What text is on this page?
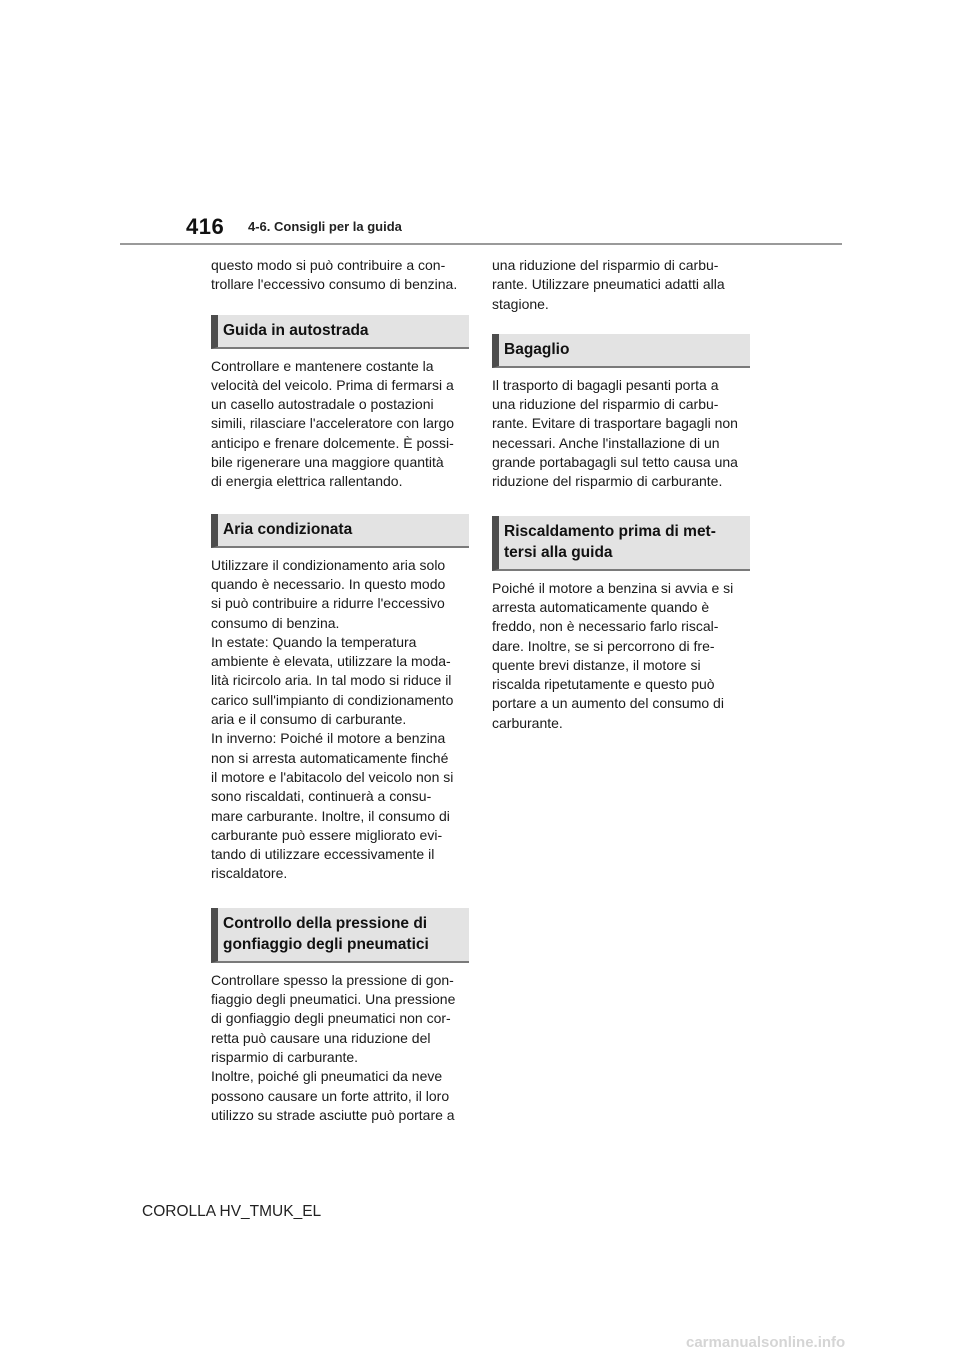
416 4-6. Consigli per la guida

questo modo si può contribuire a con-
trollare l'eccessivo consumo di benzina.

Guida in autostrada

Controllare e mantenere costante la
velocità del veicolo. Prima di fermarsi a
un casello autostradale o postazioni
simili, rilasciare l'acceleratore con largo
anticipo e frenare dolcemente. È possi-
bile rigenerare una maggiore quantità
di energia elettrica rallentando.

Aria condizionata

Utilizzare il condizionamento aria solo
quando è necessario. In questo modo
si può contribuire a ridurre l'eccessivo
consumo di benzina.
In estate: Quando la temperatura
ambiente è elevata, utilizzare la moda-
lità ricircolo aria. In tal modo si riduce il
carico sull'impianto di condizionamento
aria e il consumo di carburante.
In inverno: Poiché il motore a benzina
non si arresta automaticamente finché
il motore e l'abitacolo del veicolo non si
sono riscaldati, continuerà a consu-
mare carburante. Inoltre, il consumo di
carburante può essere migliorato evi-
tando di utilizzare eccessivamente il
riscaldatore.

Controllo della pressione di
gonfiaggio degli pneumatici

Controllare spesso la pressione di gon-
fiaggio degli pneumatici. Una pressione
di gonfiaggio degli pneumatici non cor-
retta può causare una riduzione del
risparmio di carburante.
Inoltre, poiché gli pneumatici da neve
possono causare un forte attrito, il loro
utilizzo su strade asciutte può portare a

una riduzione del risparmio di carbu-
rante. Utilizzare pneumatici adatti alla
stagione.

Bagaglio

Il trasporto di bagagli pesanti porta a
una riduzione del risparmio di carbu-
rante. Evitare di trasportare bagagli non
necessari. Anche l'installazione di un
grande portabagagli sul tetto causa una
riduzione del risparmio di carburante.

Riscaldamento prima di met-
tersi alla guida

Poiché il motore a benzina si avvia e si
arresta automaticamente quando è
freddo, non è necessario farlo riscal-
dare. Inoltre, se si percorrono di fre-
quente brevi distanze, il motore si
riscalda ripetutamente e questo può
portare a un aumento del consumo di
carburante.

COROLLA HV_TMUK_EL
carmanualsonline.info
